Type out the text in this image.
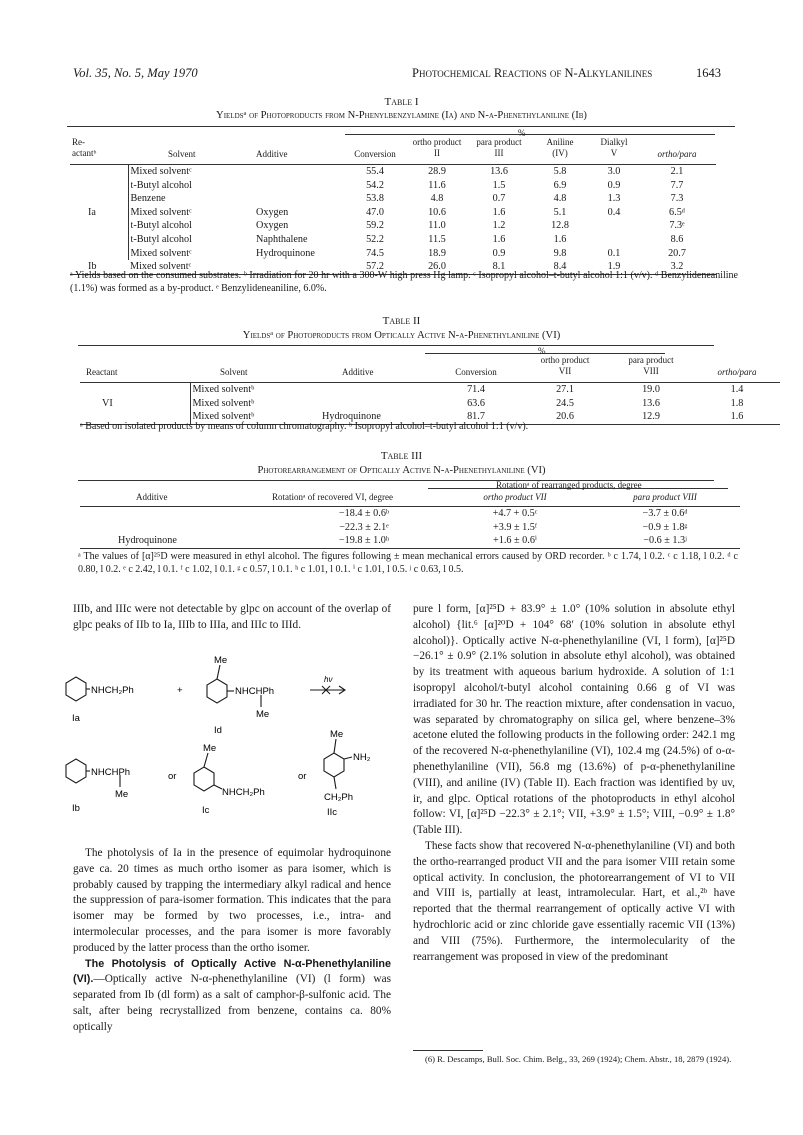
Vol. 35, No. 5, May 1970	Photochemical Reactions of N-Alkylanilines	1643
Table I
Yieldsᵃ of Photoproducts from N-Phenylbenzylamine (Ia) and N-α-Phenethylaniline (Ib)
%
Re-
actantᵇ	Solvent	Additive	Conversion	ortho product
II	para product
III	Aniline
(IV)	Dialkyl
V	ortho/para

	Mixed solventᶜ		55.4	28.9	13.6	5.8	3.0	2.1
	t-Butyl alcohol		54.2	11.6	1.5	6.9	0.9	7.7
	Benzene		53.8	4.8	0.7	4.8	1.3	7.3
Ia	Mixed solventᶜ	Oxygen	47.0	10.6	1.6	5.1	0.4	6.5ᵈ
	t-Butyl alcohol	Oxygen	59.2	11.0	1.2	12.8		7.3ᵉ
	t-Butyl alcohol	Naphthalene	52.2	11.5	1.6	1.6		8.6
	Mixed solventᶜ	Hydroquinone	74.5	18.9	0.9	9.8	0.1	20.7
Ib	Mixed solventᶜ		57.2	26.0	8.1	8.4	1.9	3.2
ᵃ Yields based on the consumed substrates. ᵇ Irradiation for 20 hr with a 300-W high press Hg lamp. ᶜ Isopropyl alcohol–t-butyl alcohol 1:1 (v/v). ᵈ Benzylideneaniline (1.1%) was formed as a by-product. ᵉ Benzylideneaniline, 6.0%.
Table II
Yieldsᵃ of Photoproducts from Optically Active N-α-Phenethylaniline (VI)
%
Reactant	Solvent	Additive	Conversion	ortho product
VII	para product
VIII	ortho/para

	Mixed solventᵇ		71.4	27.1	19.0	1.4
VI	Mixed solventᵇ		63.6	24.5	13.6	1.8
	Mixed solventᵇ	Hydroquinone	81.7	20.6	12.9	1.6
ᵃ Based on isolated products by means of column chromatography. ᵇ Isopropyl alcohol–t-butyl alcohol 1:1 (v/v).
Table III
Photorearrangement of Optically Active N-α-Phenethylaniline (VI)
Rotationᵃ of rearranged products, degree
Additive	Rotationᵃ of recovered VI, degree	ortho product VII	para product VIII

	−18.4 ± 0.6ᵇ	+4.7 + 0.5ᶜ	−3.7 ± 0.6ᵈ
	−22.3 ± 2.1ᵉ	+3.9 ± 1.5ᶠ	−0.9 ± 1.8ᵍ
Hydroquinone	−19.8 ± 1.0ʰ	+1.6 ± 0.6ⁱ	−0.6 ± 1.3ʲ
ᵃ The values of [α]²⁵D were measured in ethyl alcohol. The figures following ± mean mechanical errors caused by ORD recorder. ᵇ c 1.74, l 0.2. ᶜ c 1.18, l 0.2. ᵈ c 0.80, l 0.2. ᵉ c 2.42, l 0.1. ᶠ c 1.02, l 0.1. ᵍ c 0.57, l 0.1. ʰ c 1.01, l 0.1. ⁱ c 1.01, l 0.5. ʲ c 0.63, l 0.5.

IIIb, and IIIc were not detectable by glpc on account of the overlap of glpc peaks of IIb to Ia, IIIb to IIIa, and IIIc to IIId.

NHCH₂Ph	+
Me
NHCHPh
Me
hν
Ia
Id
NHCHPh
Me
Ib
or
Me
NHCH₂Ph
Ic
or
Me
NH₂
CH₂Ph
IIc

The photolysis of Ia in the presence of equimolar hydroquinone gave ca. 20 times as much ortho isomer as para isomer, which is probably caused by trapping the intermediary alkyl radical and hence the suppression of para-isomer formation. This indicates that the para isomer may be formed by two processes, i.e., intra- and intermolecular processes, and the para isomer is more favorably produced by the latter process than the ortho isomer.

The Photolysis of Optically Active N-α-Phenethylaniline (VI).—Optically active N-α-phenethylaniline (VI) (l form) was separated from Ib (dl form) as a salt of camphor-β-sulfonic acid. The salt, after being recrystallized from benzene, contains ca. 80% optically

pure l form, [α]²⁵D + 83.9° ± 1.0° (10% solution in absolute ethyl alcohol) {lit.⁶ [α]²⁰D + 104° 68′ (10% solution in absolute ethyl alcohol)}. Optically active N-α-phenethylaniline (VI, l form), [α]²⁵D −26.1° ± 0.9° (2.1% solution in absolute ethyl alcohol), was obtained by its treatment with aqueous barium hydroxide. A solution of 1:1 isopropyl alcohol/t-butyl alcohol containing 0.66 g of VI was irradiated for 30 hr. The reaction mixture, after condensation in vacuo, was separated by chromatography on silica gel, where benzene–3% acetone eluted the following products in the following order: 242.1 mg of the recovered N-α-phenethylaniline (VI), 102.4 mg (24.5%) of o-α-phenethylaniline (VII), 56.8 mg (13.6%) of p-α-phenethylaniline (VIII), and aniline (IV) (Table II). Each fraction was identified by uv, ir, and glpc. Optical rotations of the photoproducts in ethyl alcohol follow: VI, [α]²⁵D −22.3° ± 2.1°; VII, +3.9° ± 1.5°; VIII, −0.9° ± 1.8° (Table III).

These facts show that recovered N-α-phenethylaniline (VI) and both the ortho-rearranged product VII and the para isomer VIII retain some optical activity. In conclusion, the photorearrangement of VI to VII and VIII is, partially at least, intramolecular. Hart, et al.,²ᵇ have reported that the thermal rearrangement of optically active VI with hydrochloric acid or zinc chloride gave essentially racemic VII (13%) and VIII (75%). Furthermore, the intermolecularity of the rearrangement was proposed in view of the predominant

(6) R. Descamps, Bull. Soc. Chim. Belg., 33, 269 (1924); Chem. Abstr., 18, 2879 (1924).
